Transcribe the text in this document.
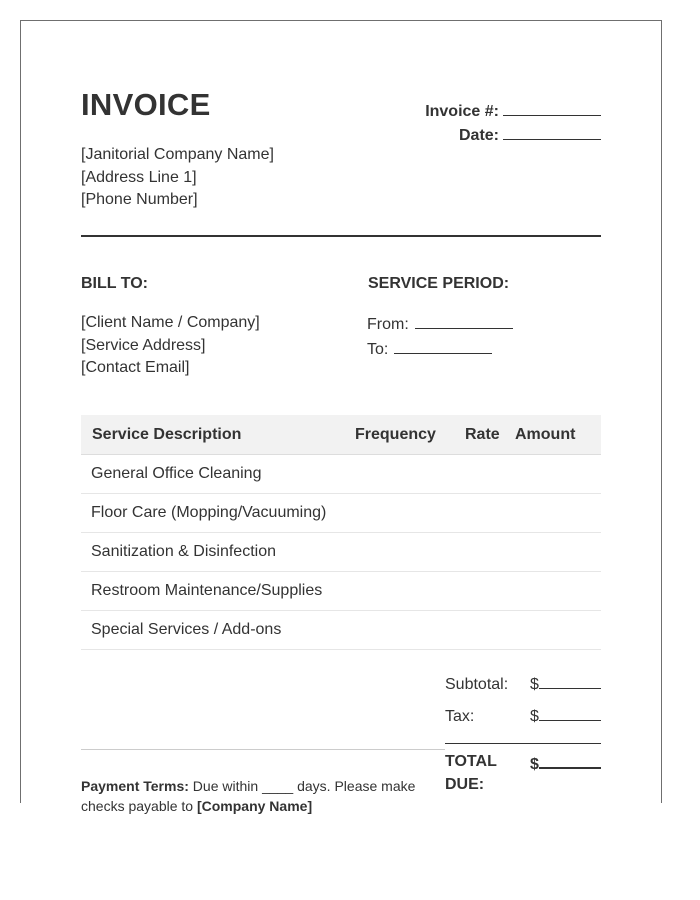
INVOICE	Invoice #:
Date:
[Janitorial Company Name]
[Address Line 1]
[Phone Number]
BILL TO:	SERVICE PERIOD:
[Client Name / Company]
[Service Address]
[Contact Email]
From:
To:
Service Description	Frequency	Rate Amount
General Office Cleaning
Floor Care (Mopping/Vacuuming)
Sanitization & Disinfection
Restroom Maintenance/Supplies
Special Services / Add-ons
Subtotal:	$
Tax:	$
TOTAL DUE:
$
Payment Terms: Due within ____ days. Please make checks payable to [Company Name]
